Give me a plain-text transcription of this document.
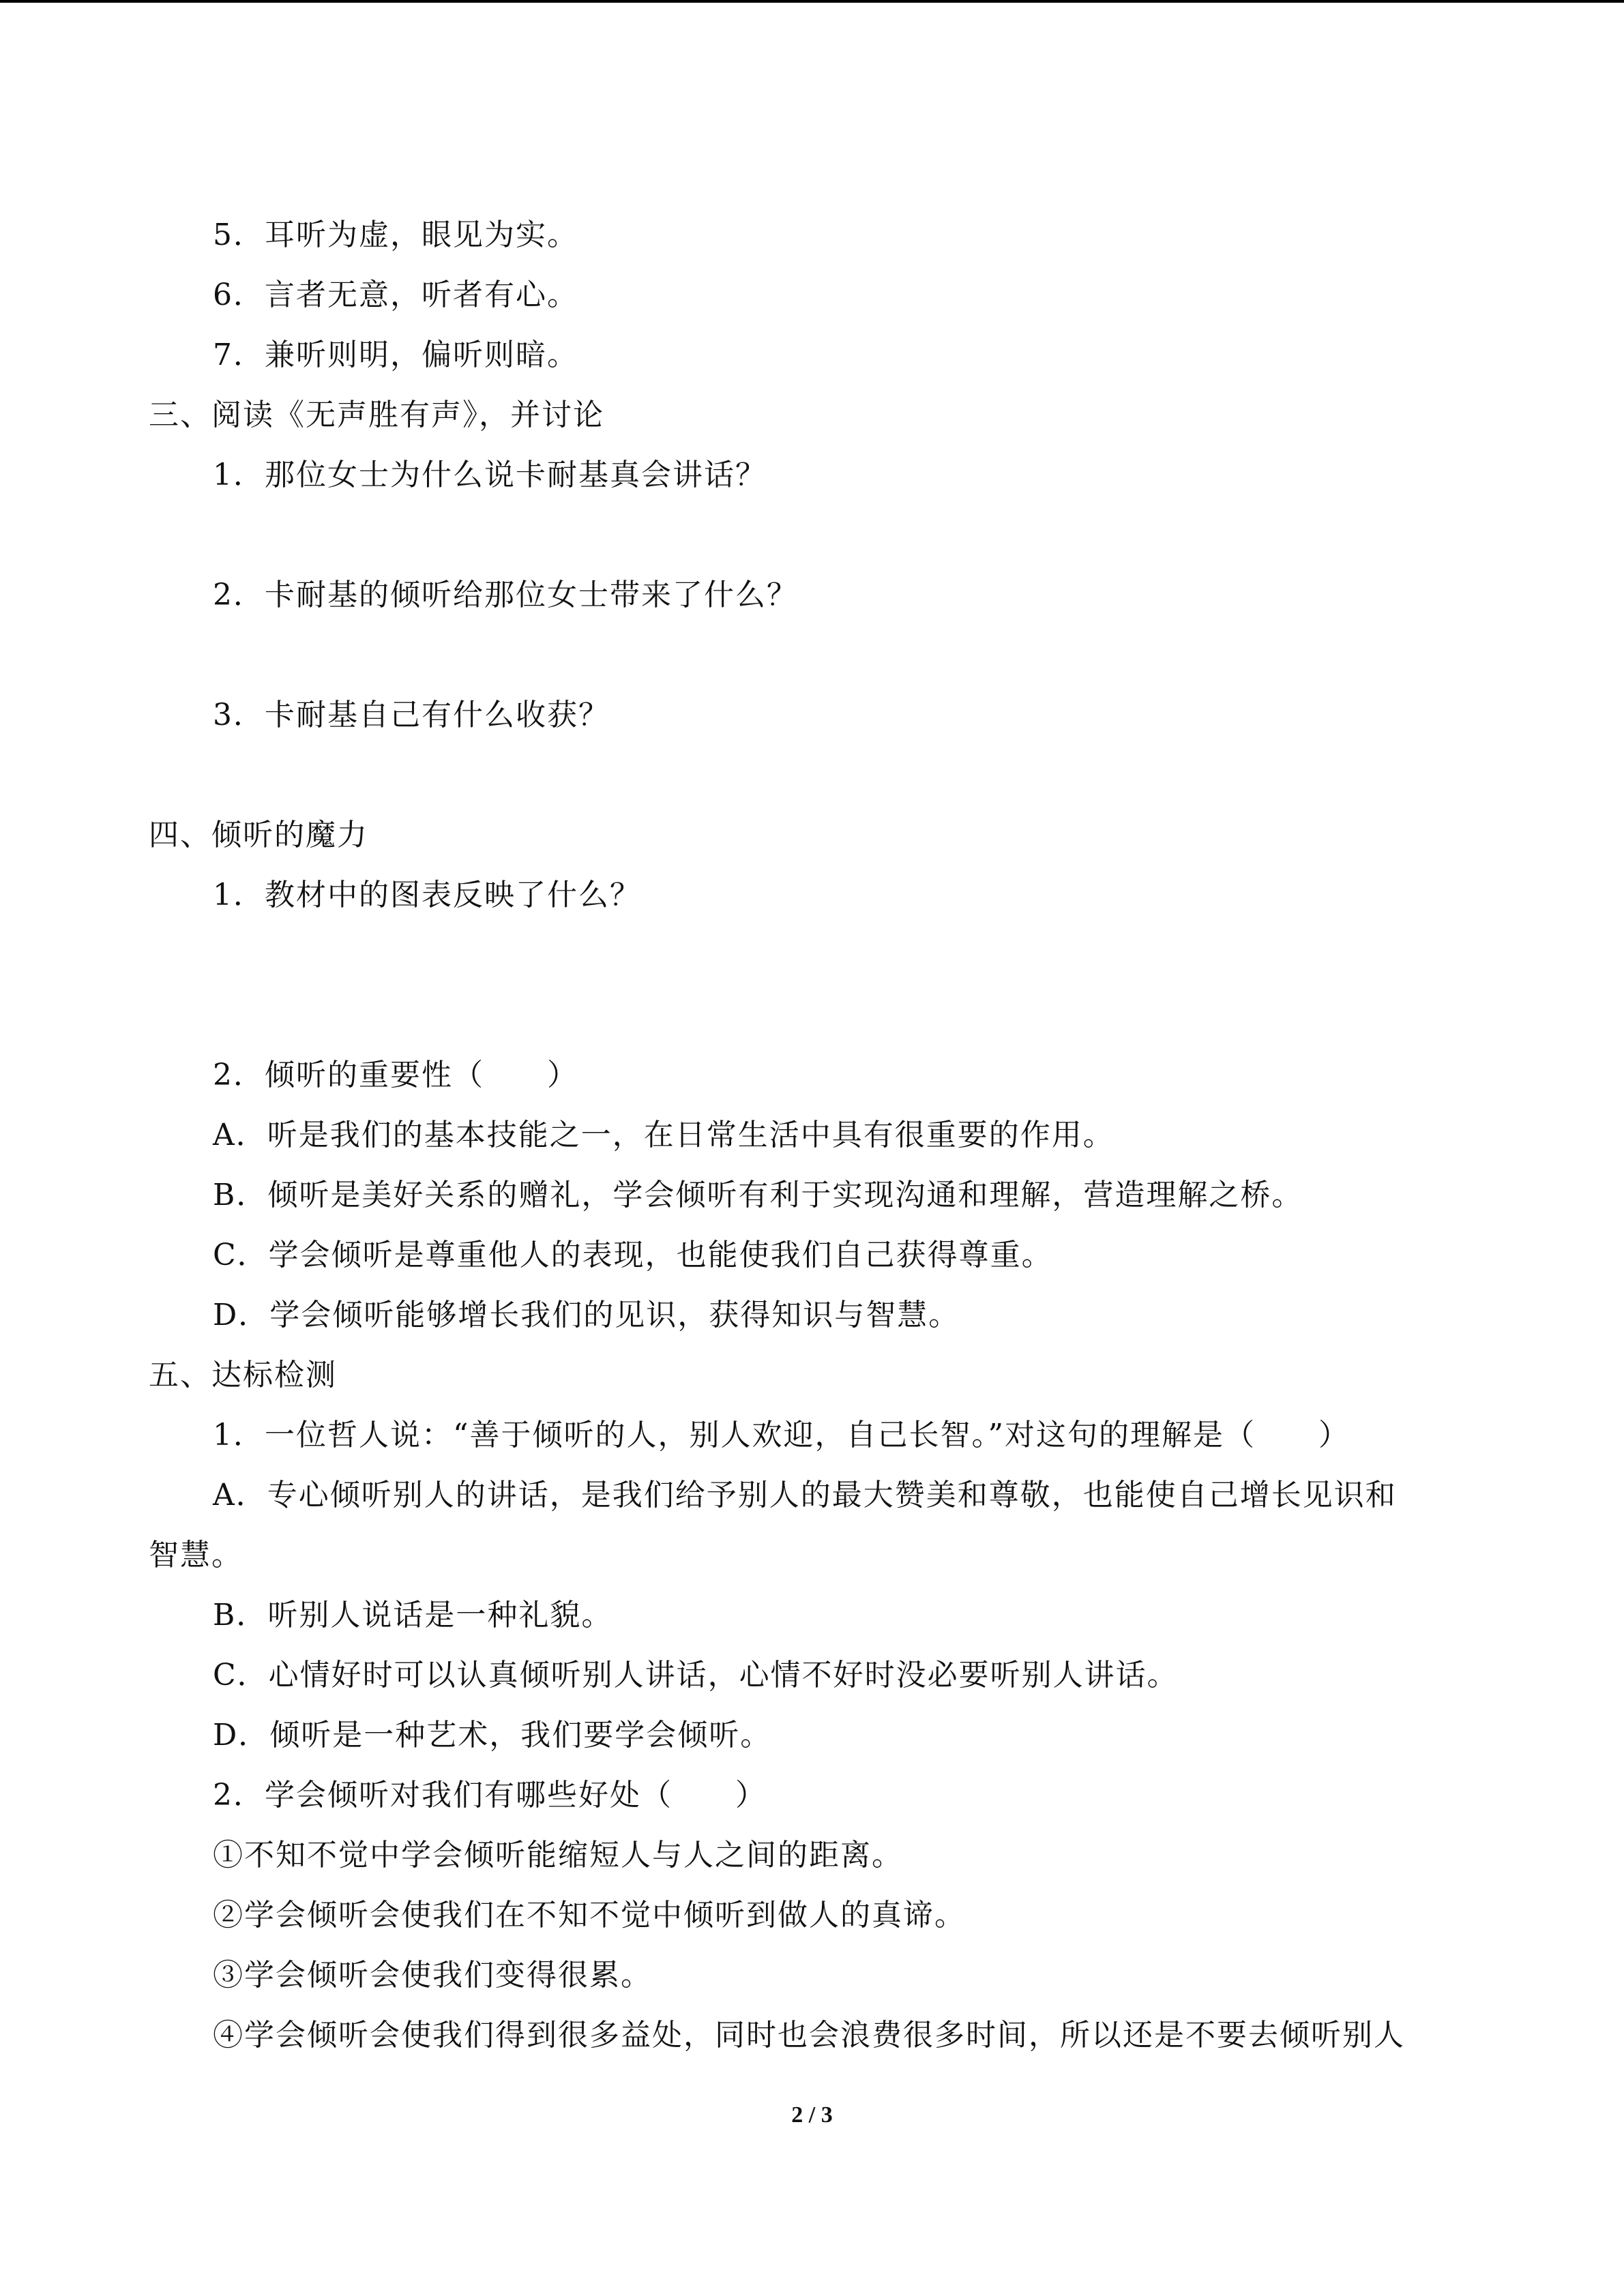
5．耳听为虚，眼见为实。
6．言者无意，听者有心。
7．兼听则明，偏听则暗。
三、阅读《无声胜有声》，并讨论
1．那位女士为什么说卡耐基真会讲话？
2．卡耐基的倾听给那位女士带来了什么？
3．卡耐基自己有什么收获？
四、倾听的魔力
1．教材中的图表反映了什么？
2．倾听的重要性（　　）
A．听是我们的基本技能之一，在日常生活中具有很重要的作用。
B．倾听是美好关系的赠礼，学会倾听有利于实现沟通和理解，营造理解之桥。
C．学会倾听是尊重他人的表现，也能使我们自己获得尊重。
D．学会倾听能够增长我们的见识，获得知识与智慧。
五、达标检测
1．一位哲人说：“善于倾听的人，别人欢迎，自己长智。”对这句的理解是（　　）
A．专心倾听别人的讲话，是我们给予别人的最大赞美和尊敬，也能使自己增长见识和
智慧。
B．听别人说话是一种礼貌。
C．心情好时可以认真倾听别人讲话，心情不好时没必要听别人讲话。
D．倾听是一种艺术，我们要学会倾听。
2．学会倾听对我们有哪些好处（　　）
①不知不觉中学会倾听能缩短人与人之间的距离。
②学会倾听会使我们在不知不觉中倾听到做人的真谛。
③学会倾听会使我们变得很累。
④学会倾听会使我们得到很多益处，同时也会浪费很多时间，所以还是不要去倾听别人
2 / 3
